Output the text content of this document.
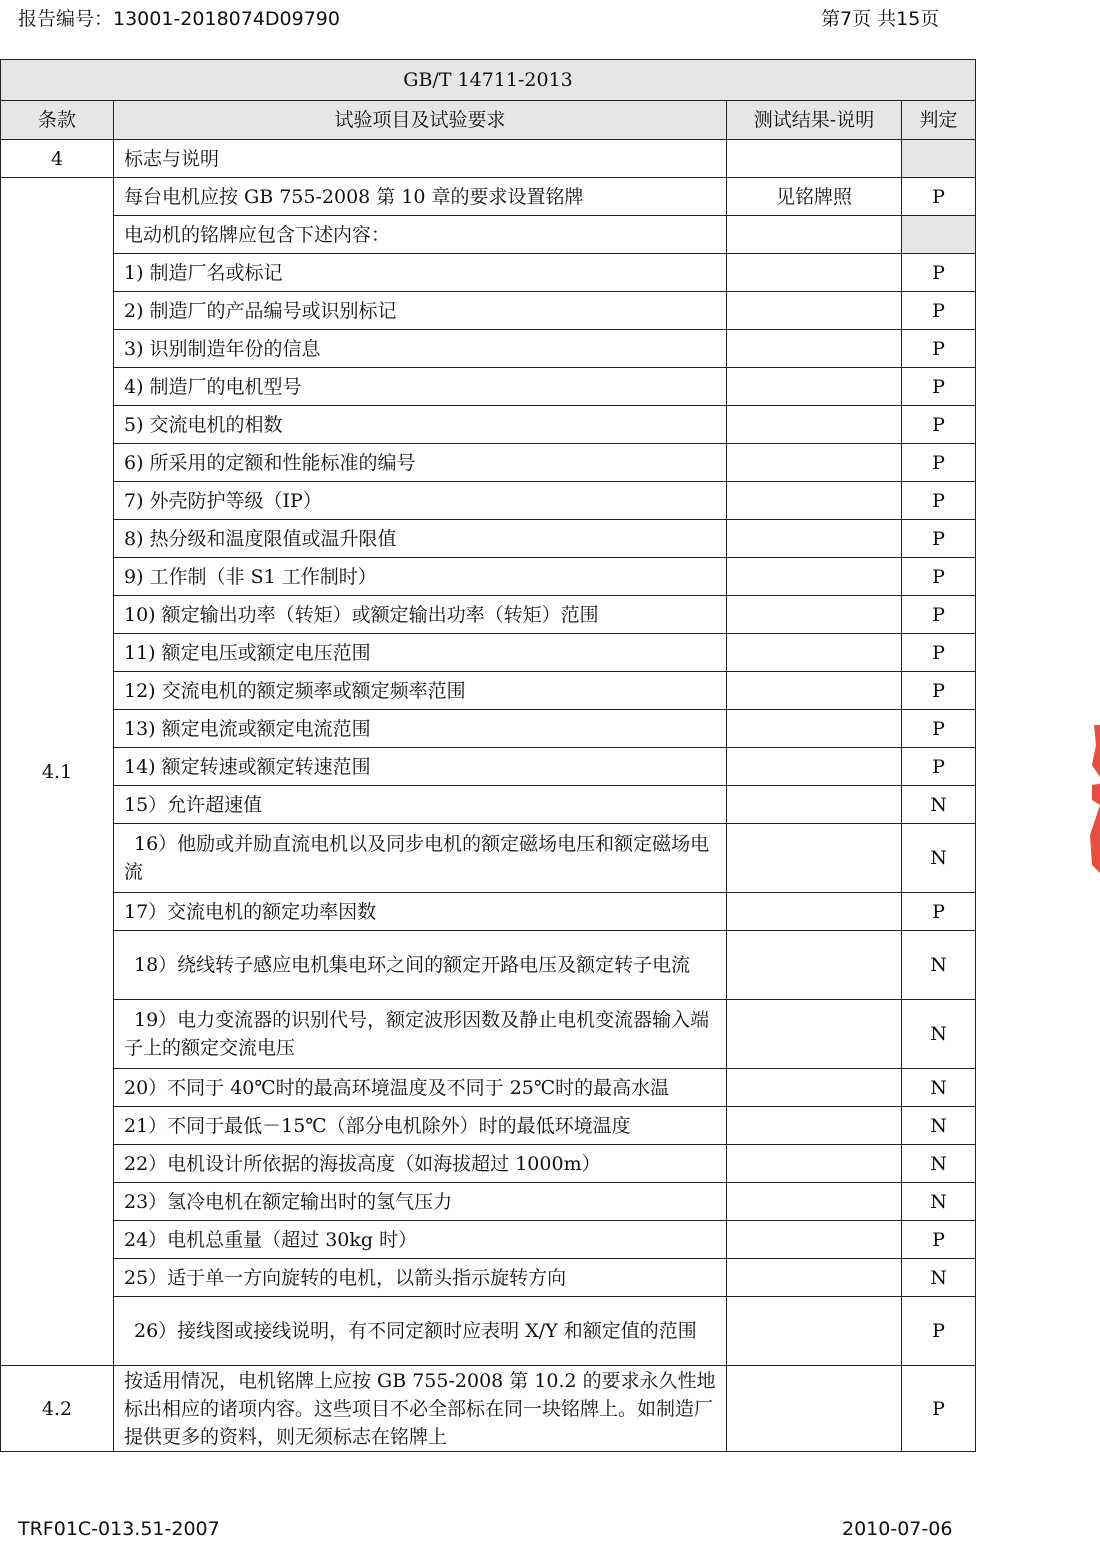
报告编号：13001-2018074D09790	第7页 共15页
GB/T 14711-2013			
条款	试验项目及试验要求	测试结果-说明	判定
4	标志与说明		
4.1	每台电机应按 GB 755-2008 第 10 章的要求设置铭牌	见铭牌照	P
	电动机的铭牌应包含下述内容：		
	1) 制造厂名或标记		P
	2) 制造厂的产品编号或识别标记		P
	3) 识别制造年份的信息		P
	4) 制造厂的电机型号		P
	5) 交流电机的相数		P
	6) 所采用的定额和性能标准的编号		P
	7) 外壳防护等级（IP）		P
	8) 热分级和温度限值或温升限值		P
	9) 工作制（非 S1 工作制时）		P
	10) 额定输出功率（转矩）或额定输出功率（转矩）范围		P
	11) 额定电压或额定电压范围		P
	12) 交流电机的额定频率或额定频率范围		P
	13) 额定电流或额定电流范围		P
	14) 额定转速或额定转速范围		P
	15）允许超速值		N
	16）他励或并励直流电机以及同步电机的额定磁场电压和额定磁场电流		N
	17）交流电机的额定功率因数		P
	18）绕线转子感应电机集电环之间的额定开路电压及额定转子电流		N
	19）电力变流器的识别代号，额定波形因数及静止电机变流器输入端子上的额定交流电压		N
	20）不同于 40℃时的最高环境温度及不同于 25℃时的最高水温		N
	21）不同于最低－15℃（部分电机除外）时的最低环境温度		N
	22）电机设计所依据的海拔高度（如海拔超过 1000m）		N
	23）氢冷电机在额定输出时的氢气压力		N
	24）电机总重量（超过 30kg 时）		P
	25）适于单一方向旋转的电机，以箭头指示旋转方向		N
	26）接线图或接线说明，有不同定额时应表明 X/Y 和额定值的范围		P
4.2	按适用情况，电机铭牌上应按 GB 755-2008 第 10.2 的要求永久性地标出相应的诸项内容。这些项目不必全部标在同一块铭牌上。如制造厂提供更多的资料，则无须标志在铭牌上		P
TRF01C-013.51-2007	2010-07-06
